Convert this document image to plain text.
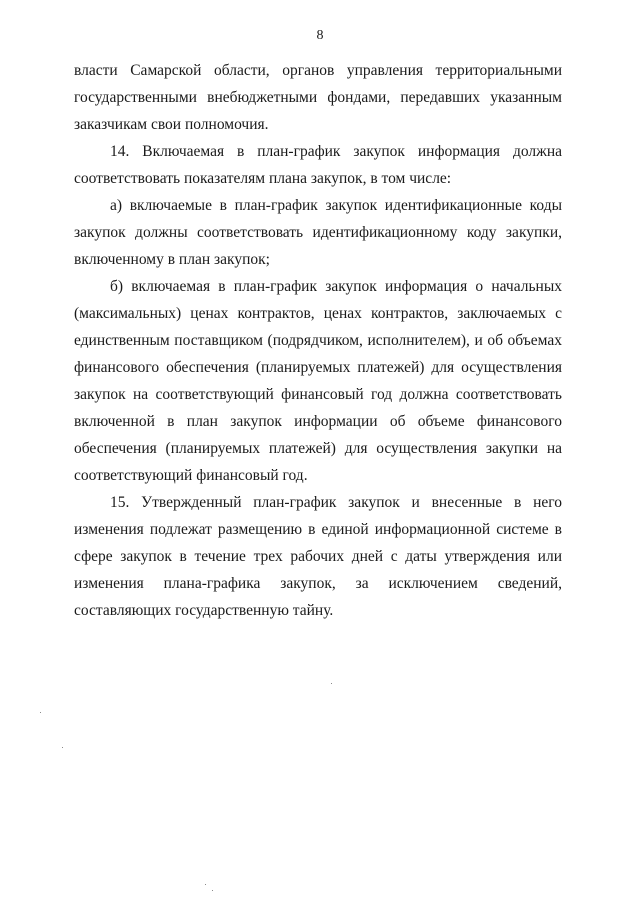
8
власти Самарской области, органов управления территориальными
государственными внебюджетными фондами, передавших указанным
заказчикам свои полномочия.
14. Включаемая в план-график закупок информация должна
соответствовать показателям плана закупок, в том числе:
а) включаемые в план-график закупок идентификационные коды
закупок должны соответствовать идентификационному коду закупки,
включенному в план закупок;
б) включаемая в план-график закупок информация о начальных
(максимальных) ценах контрактов, ценах контрактов, заключаемых с
единственным поставщиком (подрядчиком, исполнителем), и об объемах
финансового обеспечения (планируемых платежей) для осуществления
закупок на соответствующий финансовый год должна соответствовать
включенной в план закупок информации об объеме финансового
обеспечения (планируемых платежей) для осуществления закупки на
соответствующий финансовый год.
15. Утвержденный план-график закупок и внесенные в него
изменения подлежат размещению в единой информационной системе в
сфере закупок в течение трех рабочих дней с даты утверждения или
изменения плана-графика закупок, за исключением сведений,
составляющих государственную тайну.
